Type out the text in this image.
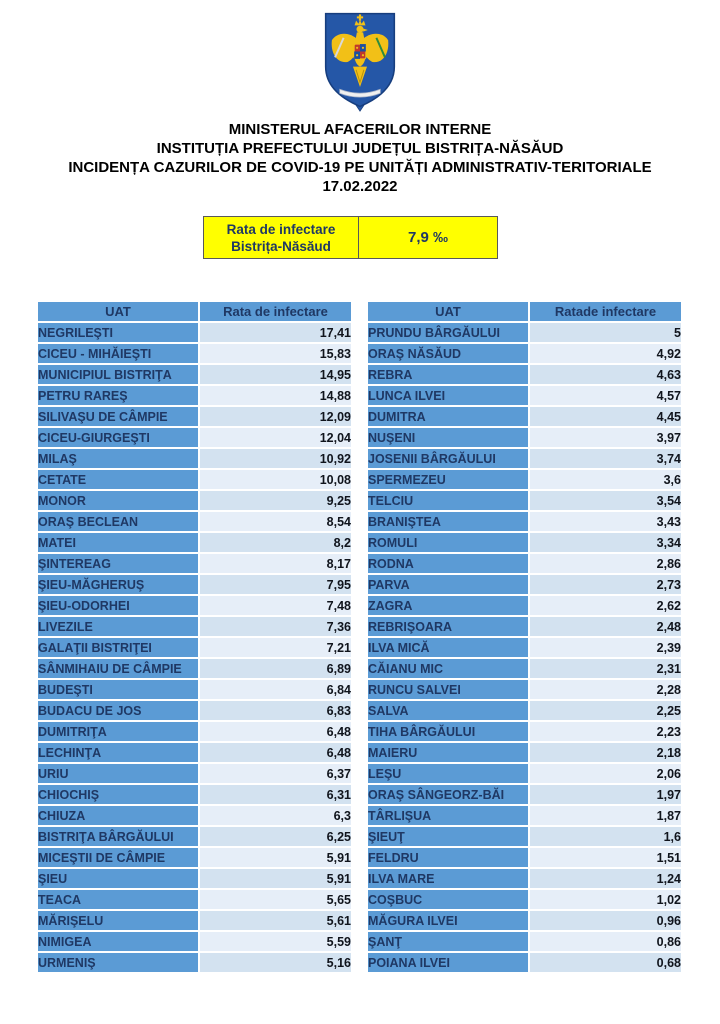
MINISTERUL AFACERILOR INTERNE
INSTITUȚIA PREFECTULUI JUDEȚUL BISTRIȚA-NĂSĂUD
INCIDENȚA CAZURILOR DE COVID-19 PE UNITĂȚI ADMINISTRATIV-TERITORIALE
17.02.2022
Rata de infectare
Bistrița-Năsăud	7,9 ‰
UAT	Rata de infectare
NEGRILEŞTI	17,41
CICEU - MIHĂIEŞTI	15,83
MUNICIPIUL BISTRIŢA	14,95
PETRU RAREŞ	14,88
SILIVAŞU DE CÂMPIE	12,09
CICEU-GIURGEŞTI	12,04
MILAŞ	10,92
CETATE	10,08
MONOR	9,25
ORAŞ BECLEAN	8,54
MATEI	8,2
ŞINTEREAG	8,17
ŞIEU-MĂGHERUŞ	7,95
ŞIEU-ODORHEI	7,48
LIVEZILE	7,36
GALAŢII BISTRIŢEI	7,21
SÂNMIHAIU DE CÂMPIE	6,89
BUDEŞTI	6,84
BUDACU DE JOS	6,83
DUMITRIŢA	6,48
LECHINŢA	6,48
URIU	6,37
CHIOCHIŞ	6,31
CHIUZA	6,3
BISTRIŢA BÂRGĂULUI	6,25
MICEŞTII DE CÂMPIE	5,91
ŞIEU	5,91
TEACA	5,65
MĂRIŞELU	5,61
NIMIGEA	5,59
URMENIŞ	5,16
UAT	Ratade infectare
PRUNDU BÂRGĂULUI	5
ORAŞ NĂSĂUD	4,92
REBRA	4,63
LUNCA ILVEI	4,57
DUMITRA	4,45
NUŞENI	3,97
JOSENII BÂRGĂULUI	3,74
SPERMEZEU	3,6
TELCIU	3,54
BRANIŞTEA	3,43
ROMULI	3,34
RODNA	2,86
PARVA	2,73
ZAGRA	2,62
REBRIŞOARA	2,48
ILVA MICĂ	2,39
CĂIANU MIC	2,31
RUNCU SALVEI	2,28
SALVA	2,25
TIHA BÂRGĂULUI	2,23
MAIERU	2,18
LEŞU	2,06
ORAŞ SÂNGEORZ-BĂI	1,97
TÂRLIŞUA	1,87
ŞIEUŢ	1,6
FELDRU	1,51
ILVA MARE	1,24
COŞBUC	1,02
MĂGURA ILVEI	0,96
ŞANŢ	0,86
POIANA ILVEI	0,68
